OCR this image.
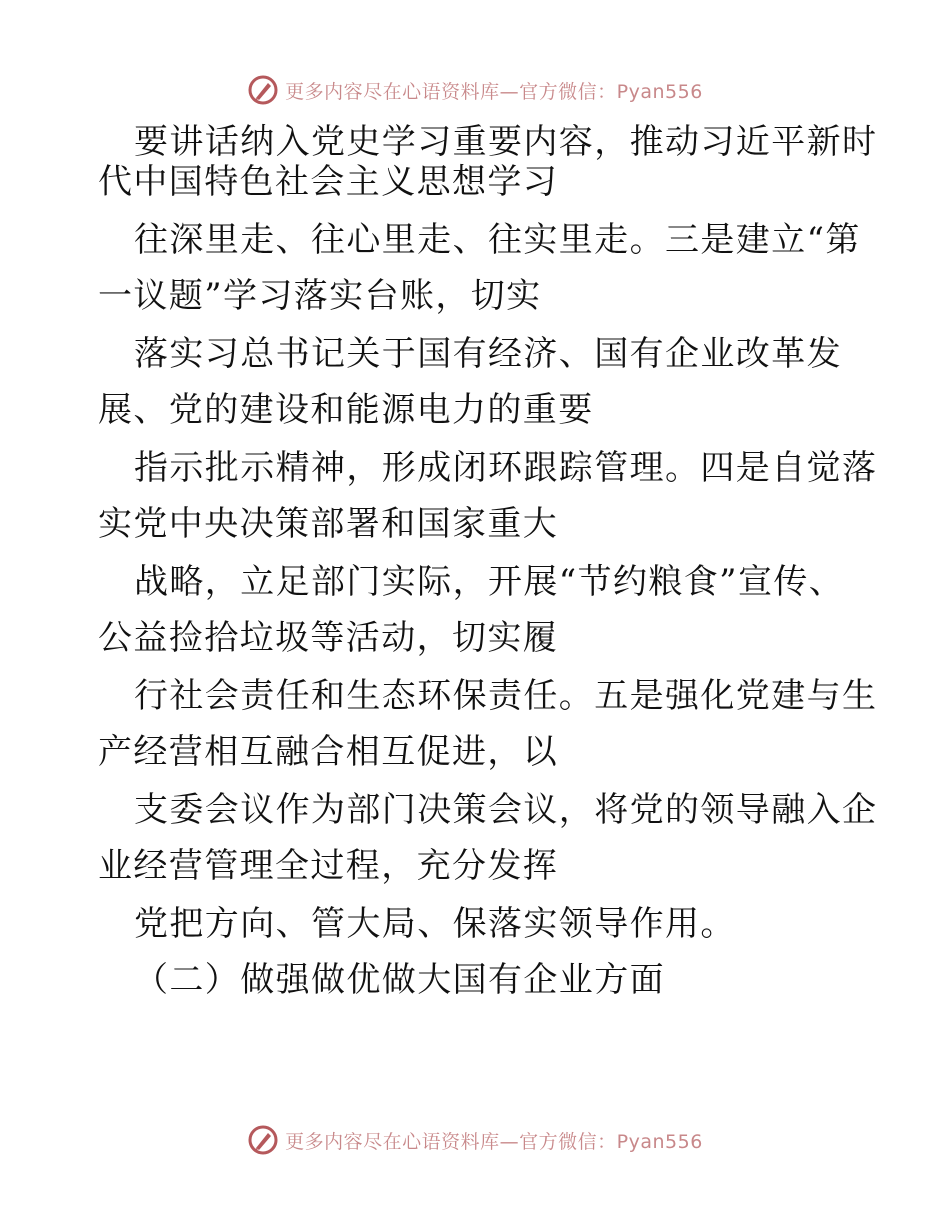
更多内容尽在心语资料库—官方微信：Pyan556
要讲话纳入党史学习重要内容，推动习近平新时
代中国特色社会主义思想学习
往深里走、往心里走、往实里走。三是建立“第
一议题”学习落实台账，切实
落实习总书记关于国有经济、国有企业改革发
展、党的建设和能源电力的重要
指示批示精神，形成闭环跟踪管理。四是自觉落
实党中央决策部署和国家重大
战略，立足部门实际，开展“节约粮食”宣传、
公益捡拾垃圾等活动，切实履
行社会责任和生态环保责任。五是强化党建与生
产经营相互融合相互促进，以
支委会议作为部门决策会议，将党的领导融入企
业经营管理全过程，充分发挥
党把方向、管大局、保落实领导作用。
（二）做强做优做大国有企业方面
更多内容尽在心语资料库—官方微信：Pyan556
